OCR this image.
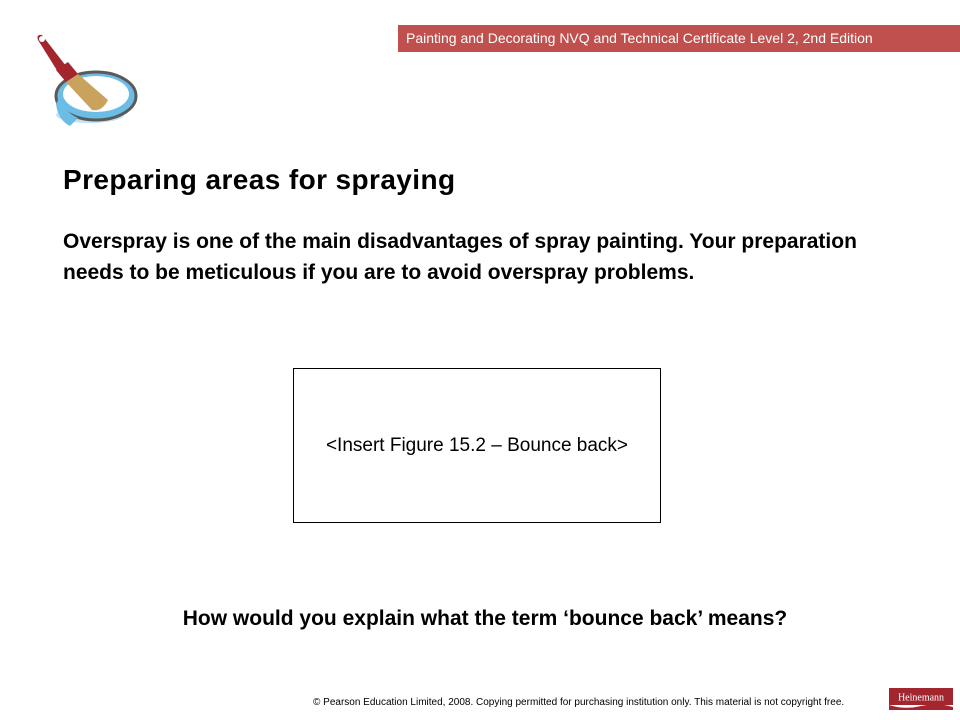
Painting and Decorating NVQ and Technical Certificate Level 2, 2nd Edition
Preparing areas for spraying

Overspray is one of the main disadvantages of spray painting. Your preparation needs to be meticulous if you are to avoid overspray problems.

<Insert Figure 15.2 – Bounce back>

How would you explain what the term ‘bounce back’ means?

© Pearson Education Limited, 2008. Copying permitted for purchasing institution only. This material is not copyright free.	Heinemann
